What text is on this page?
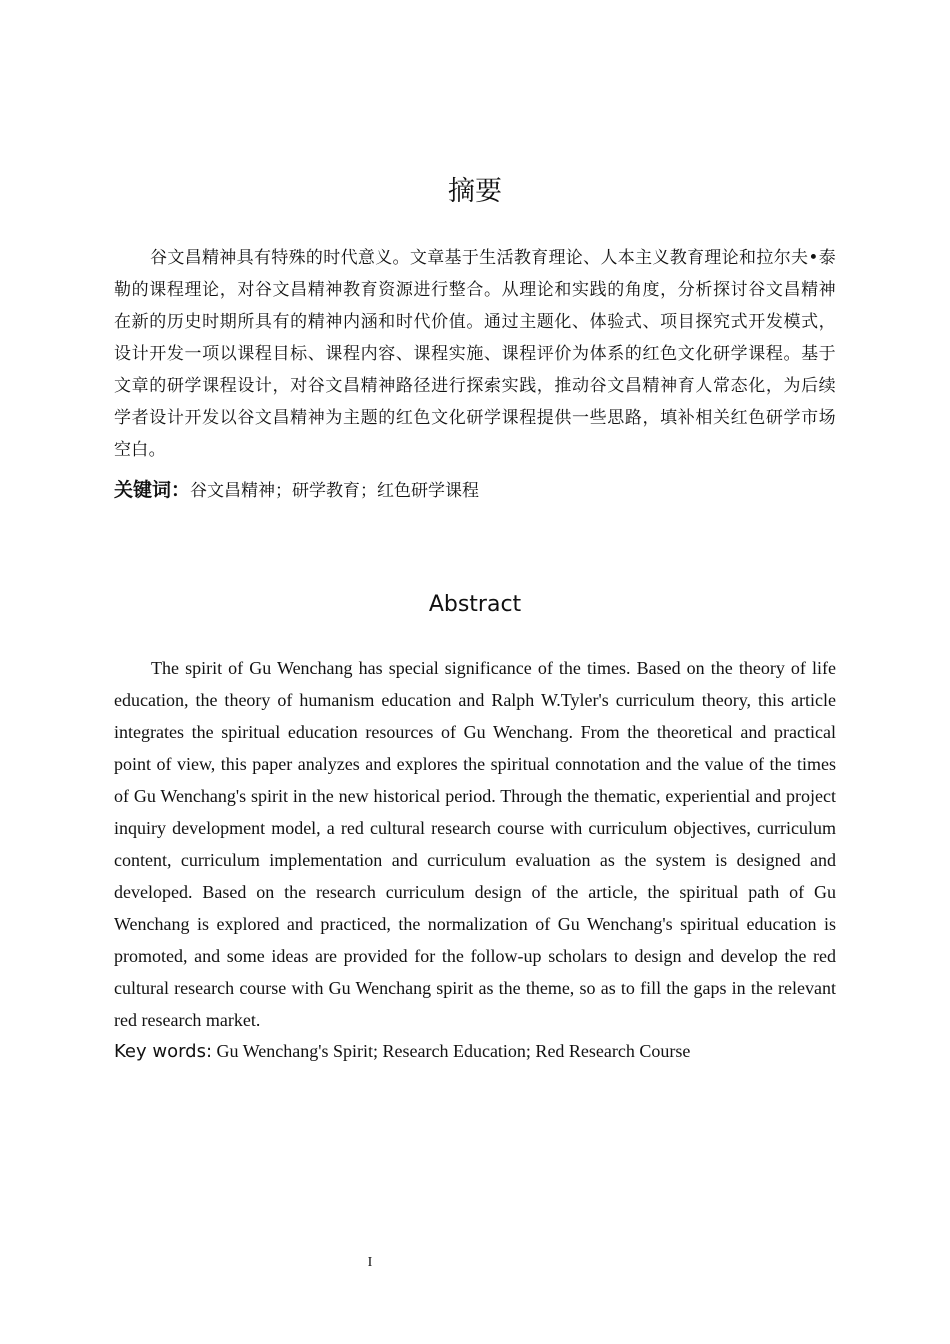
摘要

谷文昌精神具有特殊的时代意义。文章基于生活教育理论、人本主义教育理论和拉尔夫•泰勒的课程理论，对谷文昌精神教育资源进行整合。从理论和实践的角度，分析探讨谷文昌精神在新的历史时期所具有的精神内涵和时代价值。通过主题化、体验式、项目探究式开发模式，设计开发一项以课程目标、课程内容、课程实施、课程评价为体系的红色文化研学课程。基于文章的研学课程设计，对谷文昌精神路径进行探索实践，推动谷文昌精神育人常态化，为后续学者设计开发以谷文昌精神为主题的红色文化研学课程提供一些思路，填补相关红色研学市场空白。

关键词：谷文昌精神；研学教育；红色研学课程

Abstract

The spirit of Gu Wenchang has special significance of the times. Based on the theory of life education, the theory of humanism education and Ralph W.Tyler's curriculum theory, this article integrates the spiritual education resources of Gu Wenchang. From the theoretical and practical point of view, this paper analyzes and explores the spiritual connotation and the value of the times of Gu Wenchang's spirit in the new historical period. Through the thematic, experiential and project inquiry development model, a red cultural research course with curriculum objectives, curriculum content, curriculum implementation and curriculum evaluation as the system is designed and developed. Based on the research curriculum design of the article, the spiritual path of Gu Wenchang is explored and practiced, the normalization of Gu Wenchang's spiritual education is promoted, and some ideas are provided for the follow-up scholars to design and develop the red cultural research course with Gu Wenchang spirit as the theme, so as to fill the gaps in the relevant red research market.

Key words: Gu Wenchang's Spirit; Research Education; Red Research Course

I
